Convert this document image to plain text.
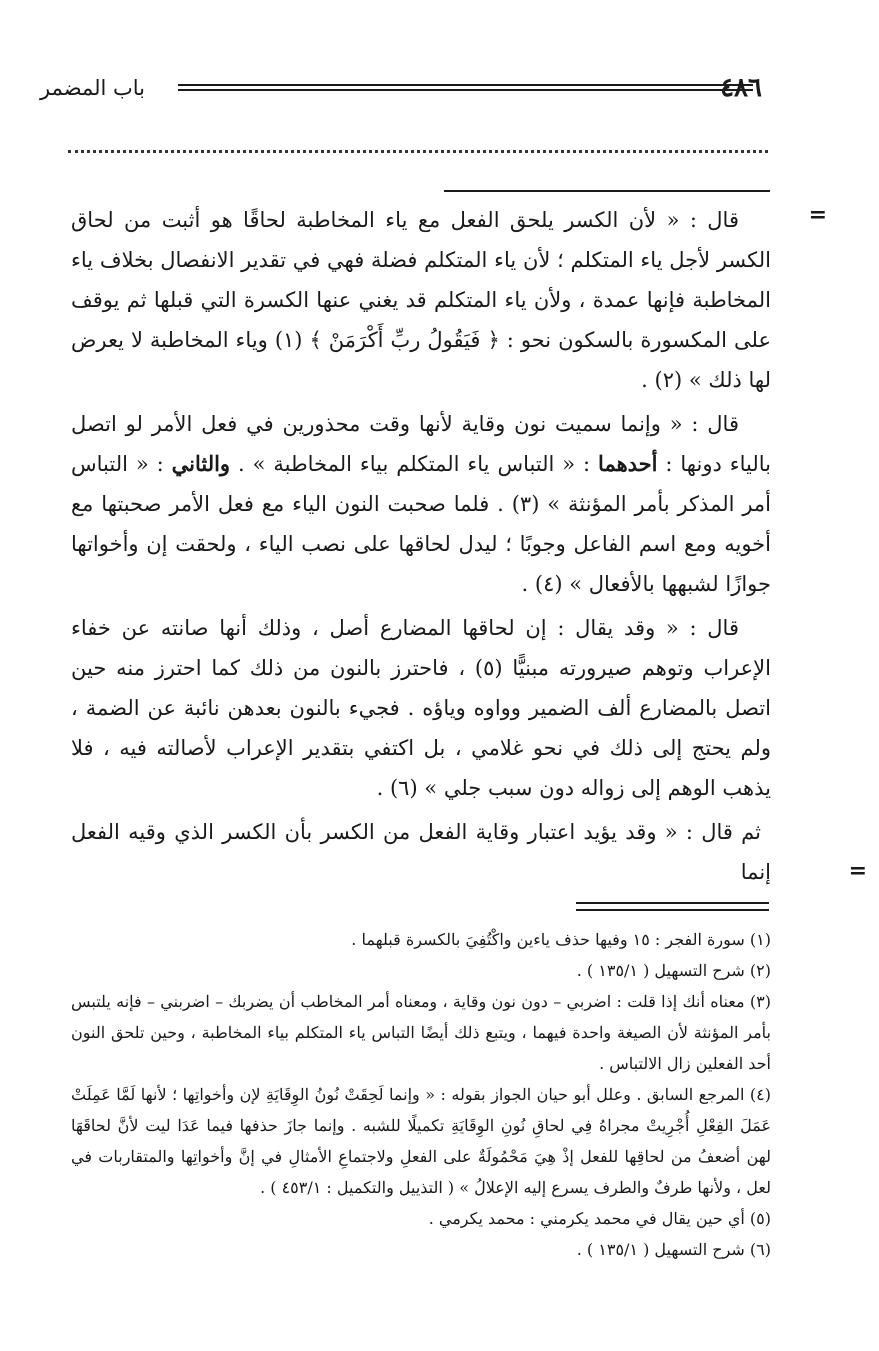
٤٨٦
باب المضمر
=
=

قال : « لأن الكسر يلحق الفعل مع ياء المخاطبة لحاقًا هو أثبت من لحاق الكسر لأجل ياء المتكلم ؛ لأن ياء المتكلم فضلة فهي في تقدير الانفصال بخلاف ياء المخاطبة فإنها عمدة ، ولأن ياء المتكلم قد يغني عنها الكسرة التي قبلها ثم يوقف على المكسورة بالسكون نحو : ﴿ فَيَقُولُ ربِّ أَكْرَمَنْ ﴾ (١) وياء المخاطبة لا يعرض لها ذلك » (٢) .

قال : « وإنما سميت نون وقاية لأنها وقت محذورين في فعل الأمر لو اتصل بالياء دونها : أحدهما : « التباس ياء المتكلم بياء المخاطبة » . والثاني : « التباس أمر المذكر بأمر المؤنثة » (٣) . فلما صحبت النون الياء مع فعل الأمر صحبتها مع أخويه ومع اسم الفاعل وجوبًا ؛ ليدل لحاقها على نصب الياء ، ولحقت إن وأخواتها جوازًا لشبهها بالأفعال » (٤) .

قال : « وقد يقال : إن لحاقها المضارع أصل ، وذلك أنها صانته عن خفاء الإعراب وتوهم صيرورته مبنيًّا (٥) ، فاحترز بالنون من ذلك كما احترز منه حين اتصل بالمضارع ألف الضمير وواوه وياؤه . فجيء بالنون بعدهن نائبة عن الضمة ، ولم يحتج إلى ذلك في نحو غلامي ، بل اكتفي بتقدير الإعراب لأصالته فيه ، فلا يذهب الوهم إلى زواله دون سبب جلي » (٦) .

ثم قال : « وقد يؤيد اعتبار وقاية الفعل من الكسر بأن الكسر الذي وقيه الفعل إنما

(١) سورة الفجر : ١٥ وفيها حذف ياءين واكْتُفِيَ بالكسرة قبلهما .

(٢) شرح التسهيل ( ١٣٥/١ ) .

(٣) معناه أنك إذا قلت : اضربي – دون نون وقاية ، ومعناه أمر المخاطب أن يضربك – اضربني – فإنه يلتبس بأمر المؤنثة لأن الصيغة واحدة فيهما ، ويتبع ذلك أيضًا التباس ياء المتكلم بياء المخاطبة ، وحين تلحق النون أحد الفعلين زال الالتباس .

(٤) المرجع السابق . وعلل أبو حيان الجواز بقوله : « وإنما لَحِقَتْ نُونُ الوِقَايَةِ لإن وأخواتِها ؛ لأنها لَمَّا عَمِلَتْ عَمَلَ الفِعْلِ أُجْرِيتْ مجراهُ فِي لحاقِ نُونِ الوِقَايَةِ تكميلًا للشبه . وإنما جازَ حذفها فيما عَدَا ليت لأنَّ لحاقَهَا لهن أضعفُ من لحاقِها للفعل إذْ هِيَ مَحْمُولَةٌ على الفعلِ ولاجتماعِ الأمثالِ في إنَّ وأخواتِها والمتقاربات في لعل ، ولأنها طرفٌ والطرف يسرع إليه الإعلالُ » ( التذييل والتكميل : ٤٥٣/١ ) .

(٥) أي حين يقال في محمد يكرمني : محمد يكرمي .

(٦) شرح التسهيل ( ١٣٥/١ ) .
